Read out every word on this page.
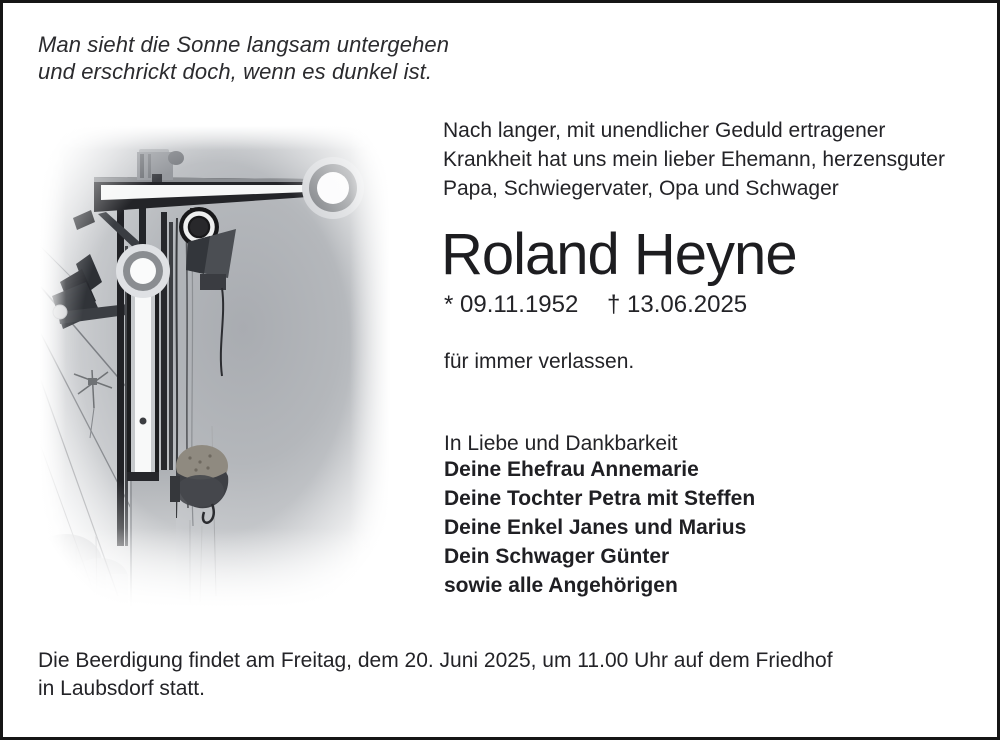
Man sieht die Sonne langsam untergehen
und erschrickt doch, wenn es dunkel ist.

Nach langer, mit unendlicher Geduld ertragener
Krankheit hat uns mein lieber Ehemann, herzensguter
Papa, Schwiegervater, Opa und Schwager

Roland Heyne

* 09.11.1952 † 13.06.2025

für immer verlassen.

In Liebe und Dankbarkeit

Deine Ehefrau Annemarie
Deine Tochter Petra mit Steffen
Deine Enkel Janes und Marius
Dein Schwager Günter
sowie alle Angehörigen

Die Beerdigung findet am Freitag, dem 20. Juni 2025, um 11.00 Uhr auf dem Friedhof
in Laubsdorf statt.
